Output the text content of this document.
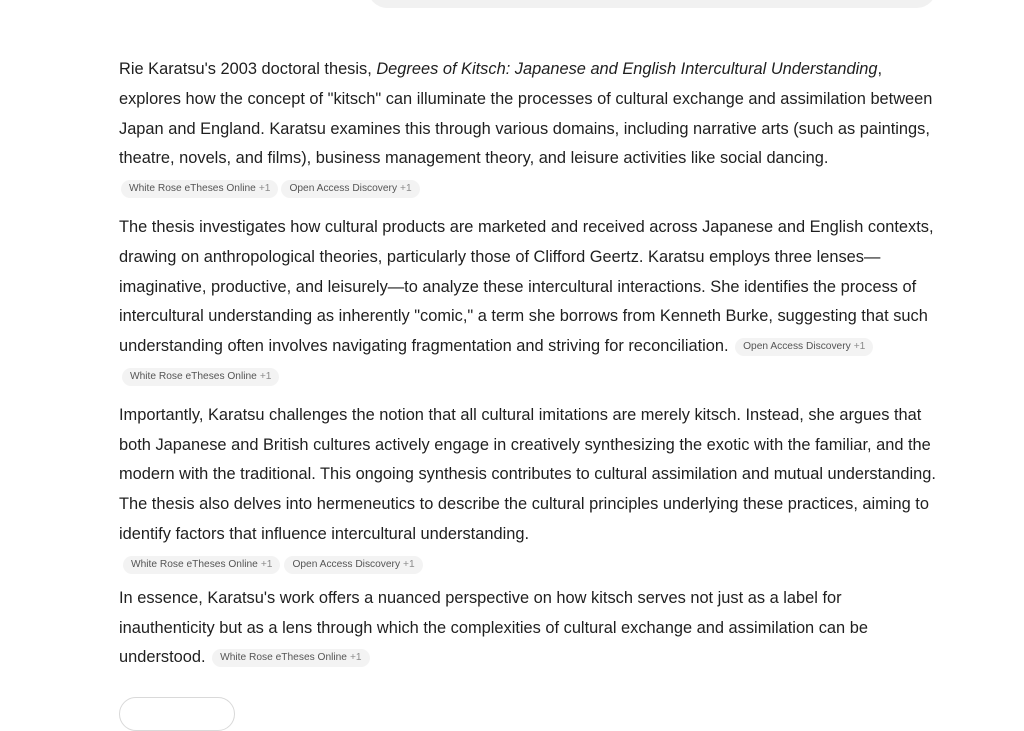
Rie Karatsu's 2003 doctoral thesis, Degrees of Kitsch: Japanese and English Intercultural Understanding, explores how the concept of "kitsch" can illuminate the processes of cultural exchange and assimilation between Japan and England. Karatsu examines this through various domains, including narrative arts (such as paintings, theatre, novels, and films), business management theory, and leisure activities like social dancing. White Rose eTheses Online +1 Open Access Discovery +1

The thesis investigates how cultural products are marketed and received across Japanese and English contexts, drawing on anthropological theories, particularly those of Clifford Geertz. Karatsu employs three lenses—imaginative, productive, and leisurely—to analyze these intercultural interactions. She identifies the process of intercultural understanding as inherently "comic," a term she borrows from Kenneth Burke, suggesting that such understanding often involves navigating fragmentation and striving for reconciliation. Open Access Discovery +1White Rose eTheses Online +1

Importantly, Karatsu challenges the notion that all cultural imitations are merely kitsch. Instead, she argues that both Japanese and British cultures actively engage in creatively synthesizing the exotic with the familiar, and the modern with the traditional. This ongoing synthesis contributes to cultural assimilation and mutual understanding. The thesis also delves into hermeneutics to describe the cultural principles underlying these practices, aiming to identify factors that influence intercultural understanding.
White Rose eTheses Online +1 Open Access Discovery +1

In essence, Karatsu's work offers a nuanced perspective on how kitsch serves not just as a label for inauthenticity but as a lens through which the complexities of cultural exchange and assimilation can be understood. White Rose eTheses Online +1
